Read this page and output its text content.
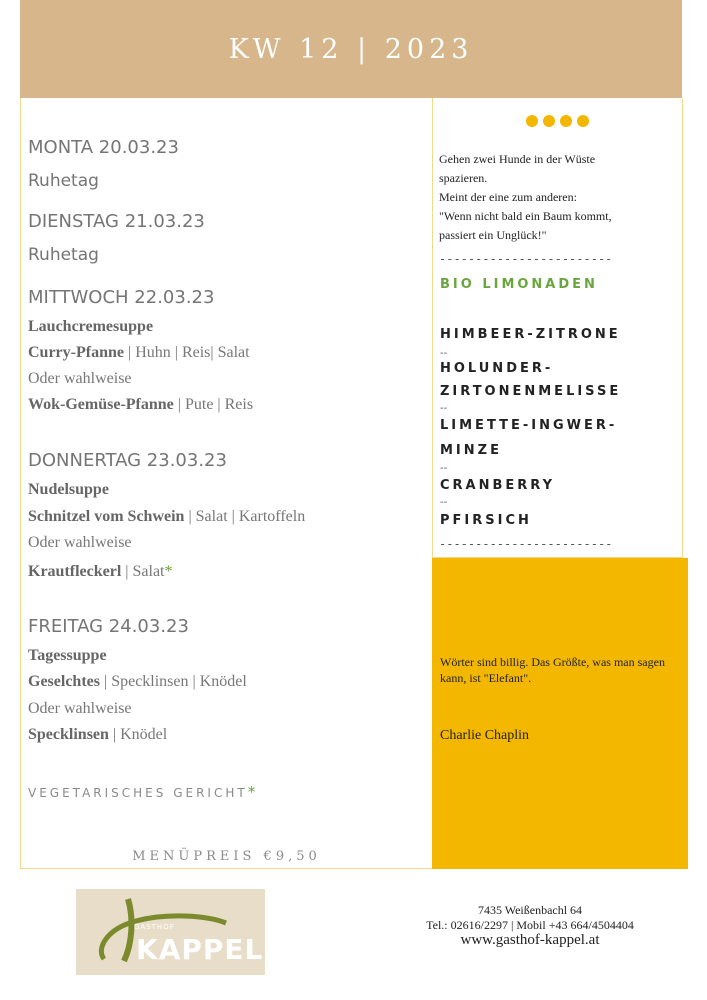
KW 12 | 2023
MONTA 20.03.23
Ruhetag
DIENSTAG 21.03.23
Ruhetag
MITTWOCH 22.03.23
Lauchcremesuppe
Curry-Pfanne | Huhn | Reis| Salat
Oder wahlweise
Wok-Gemüse-Pfanne | Pute | Reis
DONNERTAG 23.03.23
Nudelsuppe
Schnitzel vom Schwein | Salat | Kartoffeln
Oder wahlweise
Krautfleckerl | Salat*
FREITAG 24.03.23
Tagessuppe
Geselchtes | Specklinsen | Knödel
Oder wahlweise
Specklinsen | Knödel
VEGETARISCHES GERICHT*
MENÜPREIS €9,50

Gehen zwei Hunde in der Wüste
spazieren.
Meint der eine zum anderen:
"Wenn nicht bald ein Baum kommt,
passiert ein Unglück!"
------------------------
BIO LIMONADEN
HIMBEER-ZITRONE
--
HOLUNDER-
ZIRTONENMELISSE
--
LIMETTE-INGWER-
MINZE
--
CRANBERRY
--
PFIRSICH
------------------------
Wörter sind billig. Das Größte, was man sagen kann, ist "Elefant".
Charlie Chaplin
GASTHOF
KAPPEL
7435 Weißenbachl 64
Tel.: 02616/2297 | Mobil +43 664/4504404
www.gasthof-kappel.at
